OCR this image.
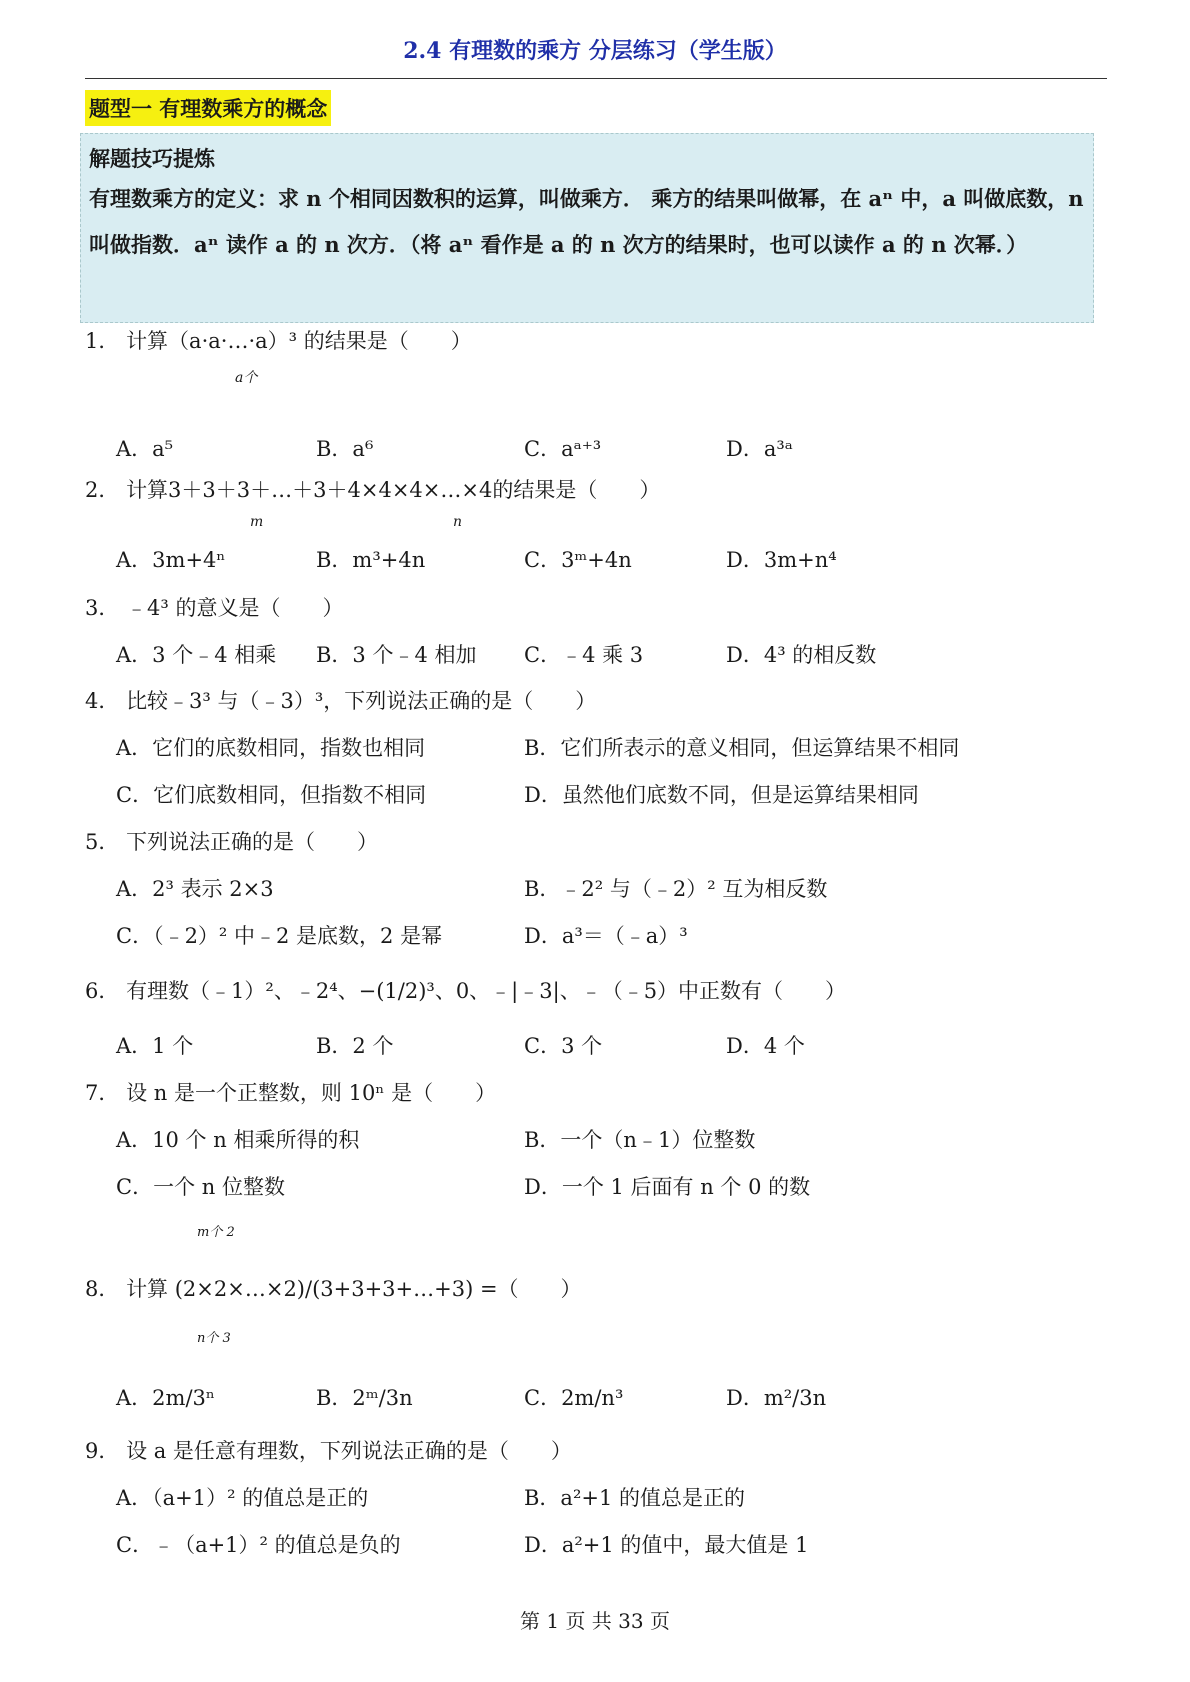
2.4 有理数的乘方 分层练习（学生版）
题型一 有理数乘方的概念
解题技巧提炼
有理数乘方的定义：求 n 个相同因数积的运算，叫做乘方． 乘方的结果叫做幂，在 aⁿ 中，a 叫做底数，n 叫做指数．aⁿ 读作 a 的 n 次方．（将 aⁿ 看作是 a 的 n 次方的结果时，也可以读作 a 的 n 次幂．）
1． 计算（a·a·…·a）³ 的结果是（　　）
a个
A．a⁵	B．a⁶	C．aᵃ⁺³	D．a³ᵃ
2． 计算3＋3＋3＋…＋3＋4×4×4×…×4的结果是（　　）
m	n
A．3m+4ⁿ	B．m³+4n	C．3ᵐ+4n	D．3m+n⁴
3． ﹣4³ 的意义是（　　）
A．3 个﹣4 相乘 B．3 个﹣4 相加 C．﹣4 乘 3	D．4³ 的相反数
4． 比较﹣3³ 与（﹣3）³，下列说法正确的是（　　）
A．它们的底数相同，指数也相同	B．它们所表示的意义相同，但运算结果不相同
C．它们底数相同，但指数不相同	D．虽然他们底数不同，但是运算结果相同
5． 下列说法正确的是（　　）
A．2³ 表示 2×3	B．﹣2² 与（﹣2）² 互为相反数
C．（﹣2）² 中﹣2 是底数，2 是幂	D．a³＝（﹣a）³
6． 有理数（﹣1）²、﹣2⁴、−(1/2)³、0、﹣|﹣3|、﹣（﹣5）中正数有（　　）
A．1 个	B．2 个	C．3 个	D．4 个
7． 设 n 是一个正整数，则 10ⁿ 是（　　）
A．10 个 n 相乘所得的积	B．一个（n﹣1）位整数
C．一个 n 位整数	D．一个 1 后面有 n 个 0 的数
m个 2
8． 计算 (2×2×…×2)/(3+3+3+…+3) =（　　）
n个 3
A．2m/3ⁿ	B．2ᵐ/3n	C．2m/n³	D．m²/3n
9． 设 a 是任意有理数，下列说法正确的是（　　）
A．（a+1）² 的值总是正的	B．a²+1 的值总是正的
C．﹣（a+1）² 的值总是负的	D．a²+1 的值中，最大值是 1
第 1 页 共 33 页
